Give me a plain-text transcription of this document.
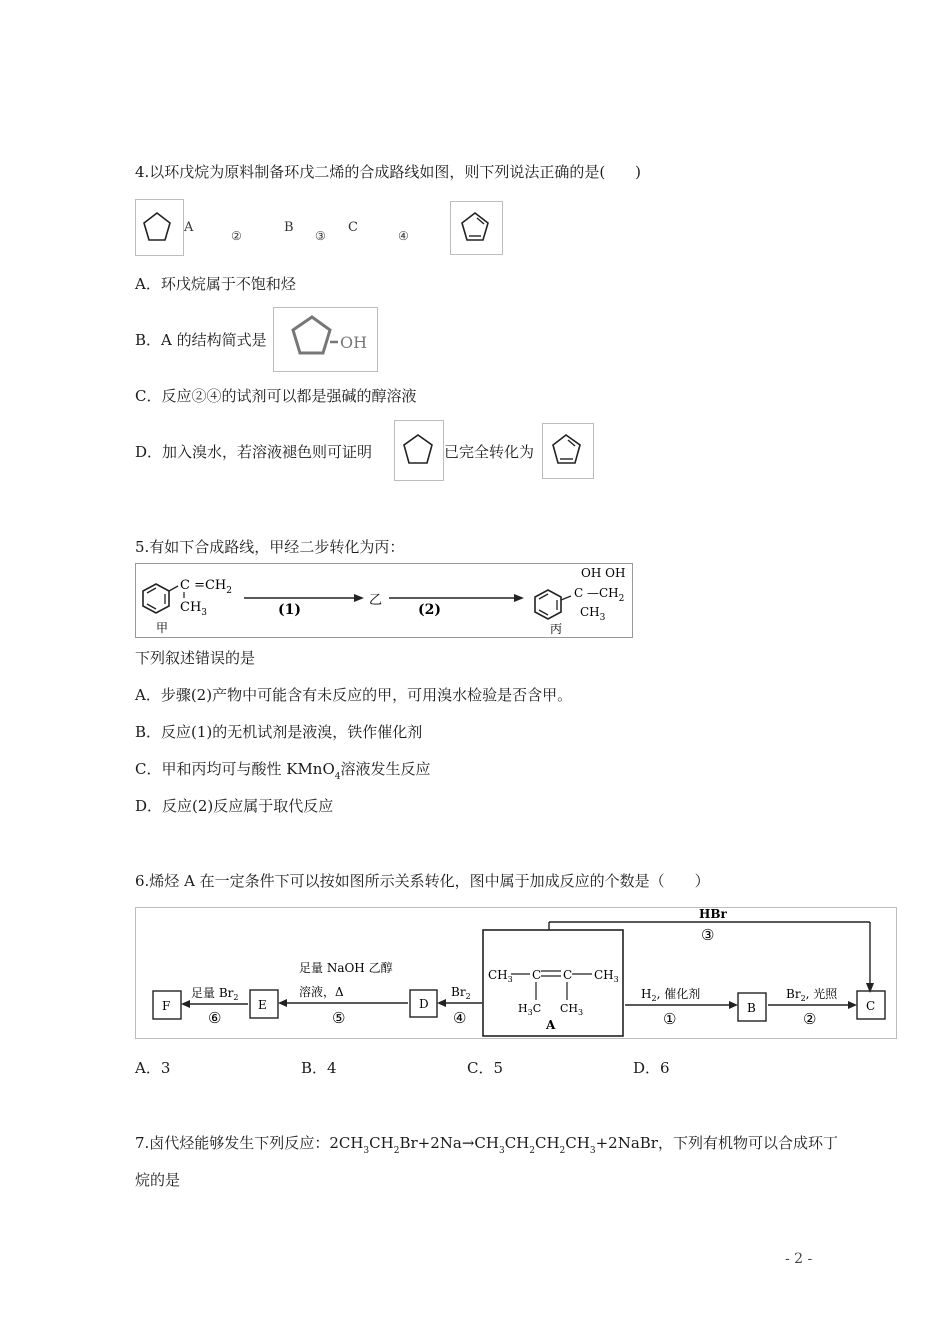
4.以环戊烷为原料制备环戊二烯的合成路线如图，则下列说法正确的是(　　)
A
②
B
③
C
④
A．环戊烷属于不饱和烃
B．A 的结构简式是	OH
C．反应②④的试剂可以都是强碱的醇溶液
D．加入溴水，若溶液褪色则可证明	已完全转化为
5.有如下合成路线，甲经二步转化为丙：
$C =CH_2$
$CH_3$
甲
(1)
乙
(2)
OH OH
C $—CH_2$
$CH_3$
丙
下列叙述错误的是
A．步骤(2)产物中可能含有未反应的甲，可用溴水检验是否含甲。
B．反应(1)的无机试剂是液溴，铁作催化剂
C．甲和丙均可与酸性 KMnO$_4$溶液发生反应
D．反应(2)反应属于取代反应
6.烯烃 A 在一定条件下可以按如图所示关系转化，图中属于加成反应的个数是（　　）
HBr
③
$CH_3$ C C $CH_3$
$H_3C$ $CH_3$
A
$H_2$, 催化剂
①
B
$Br_2$, 光照
②
C
$Br_2$
④
D
足量 NaOH 乙醇
溶液，Δ
⑤
E
足量 $Br_2$
⑥
F
A．3	B．4	C．5	D．6
7.卤代烃能够发生下列反应：$2CH_3CH_2Br+2Na\to CH_3CH_2CH_2CH_3+2NaBr$，下列有机物可以合成环丁
烷的是
- 2 -
